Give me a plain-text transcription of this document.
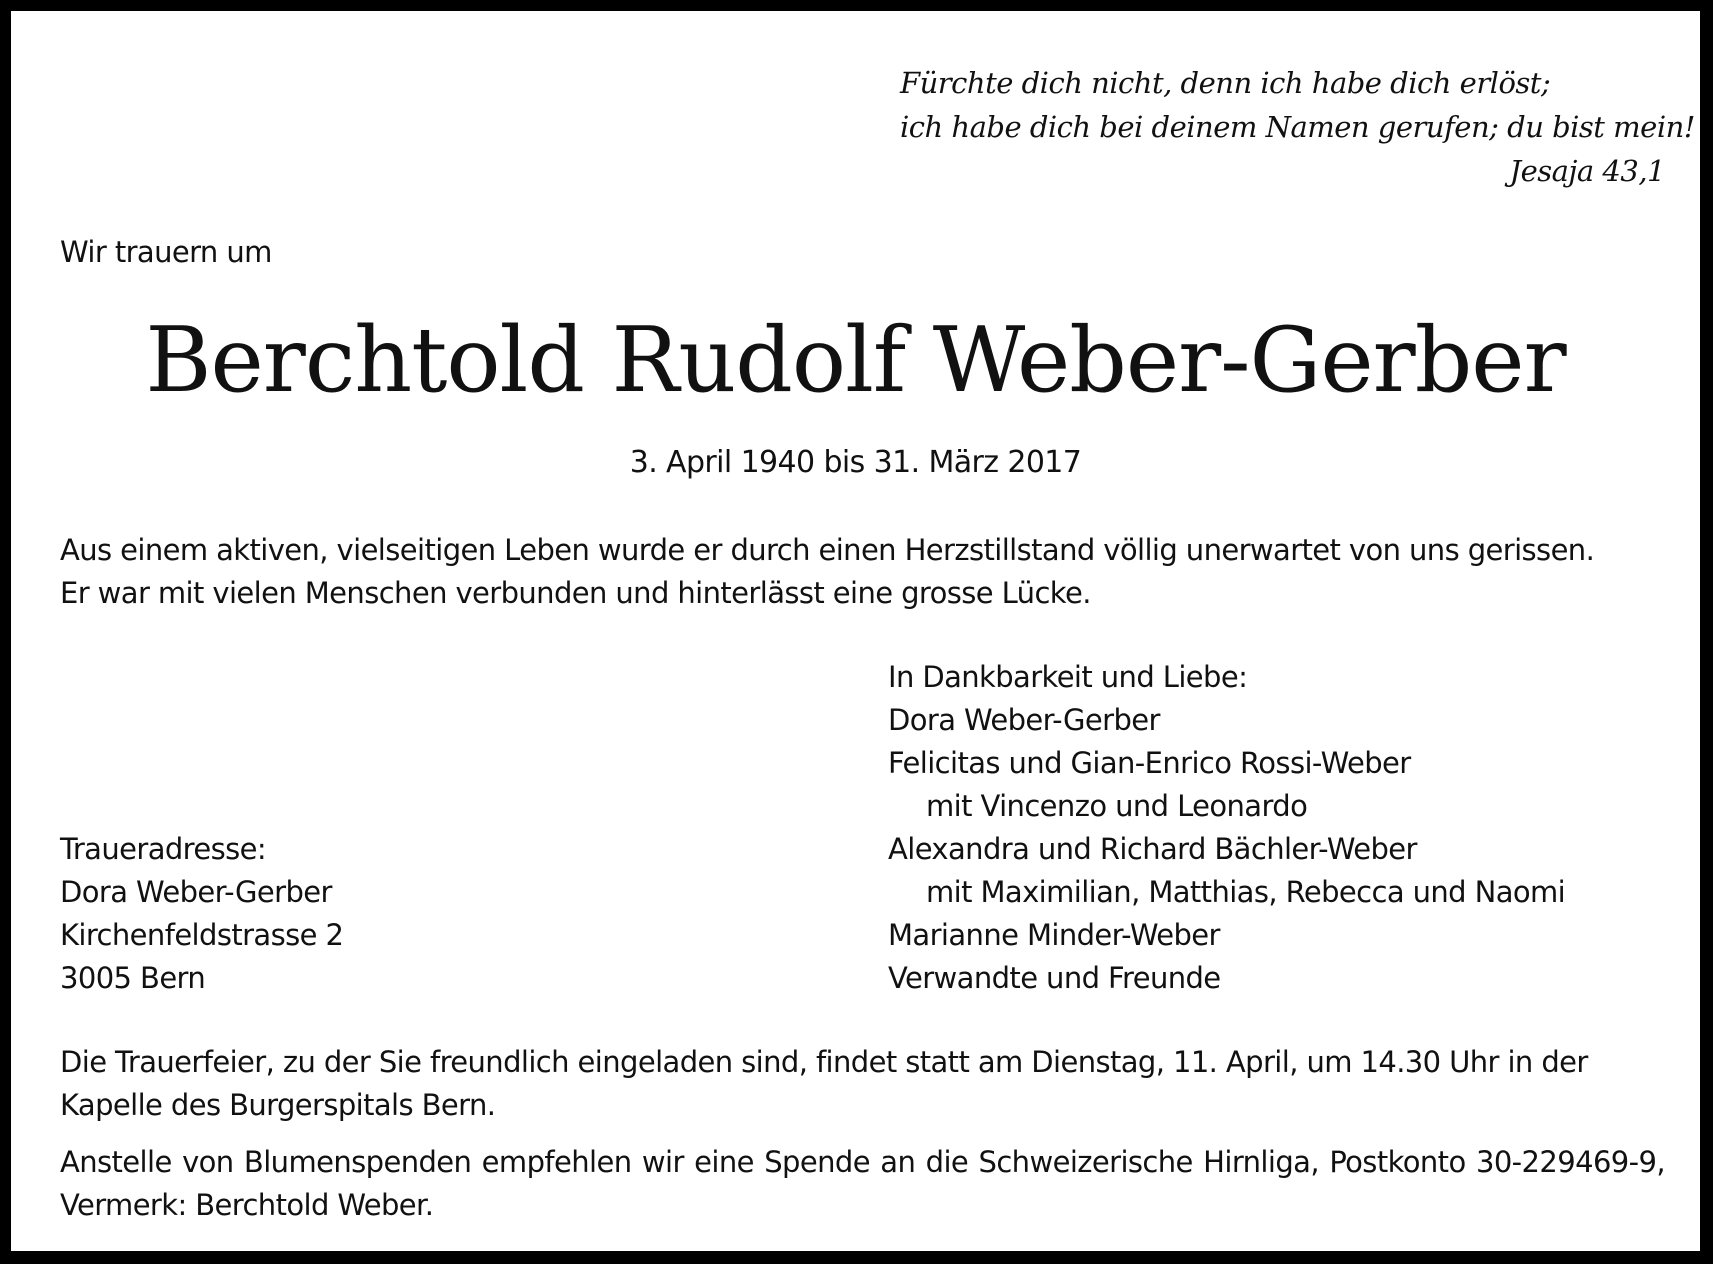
Fürchte dich nicht, denn ich habe dich erlöst;
ich habe dich bei deinem Namen gerufen; du bist mein!
Jesaja 43,1
Wir trauern um
Berchtold Rudolf Weber-Gerber
3. April 1940 bis 31. März 2017
Aus einem aktiven, vielseitigen Leben wurde er durch einen Herzstillstand völlig unerwartet von uns gerissen.
Er war mit vielen Menschen verbunden und hinterlässt eine grosse Lücke.
In Dankbarkeit und Liebe:
Dora Weber-Gerber
Felicitas und Gian-Enrico Rossi-Weber
mit Vincenzo und Leonardo
Alexandra und Richard Bächler-Weber
mit Maximilian, Matthias, Rebecca und Naomi
Marianne Minder-Weber
Verwandte und Freunde
Traueradresse:
Dora Weber-Gerber
Kirchenfeldstrasse 2
3005 Bern
Die Trauerfeier, zu der Sie freundlich eingeladen sind, findet statt am Dienstag, 11. April, um 14.30 Uhr in der
Kapelle des Burgerspitals Bern.
Anstelle von Blumenspenden empfehlen wir eine Spende an die Schweizerische Hirnliga, Postkonto 30-229469-9, Vermerk: Berchtold Weber.
